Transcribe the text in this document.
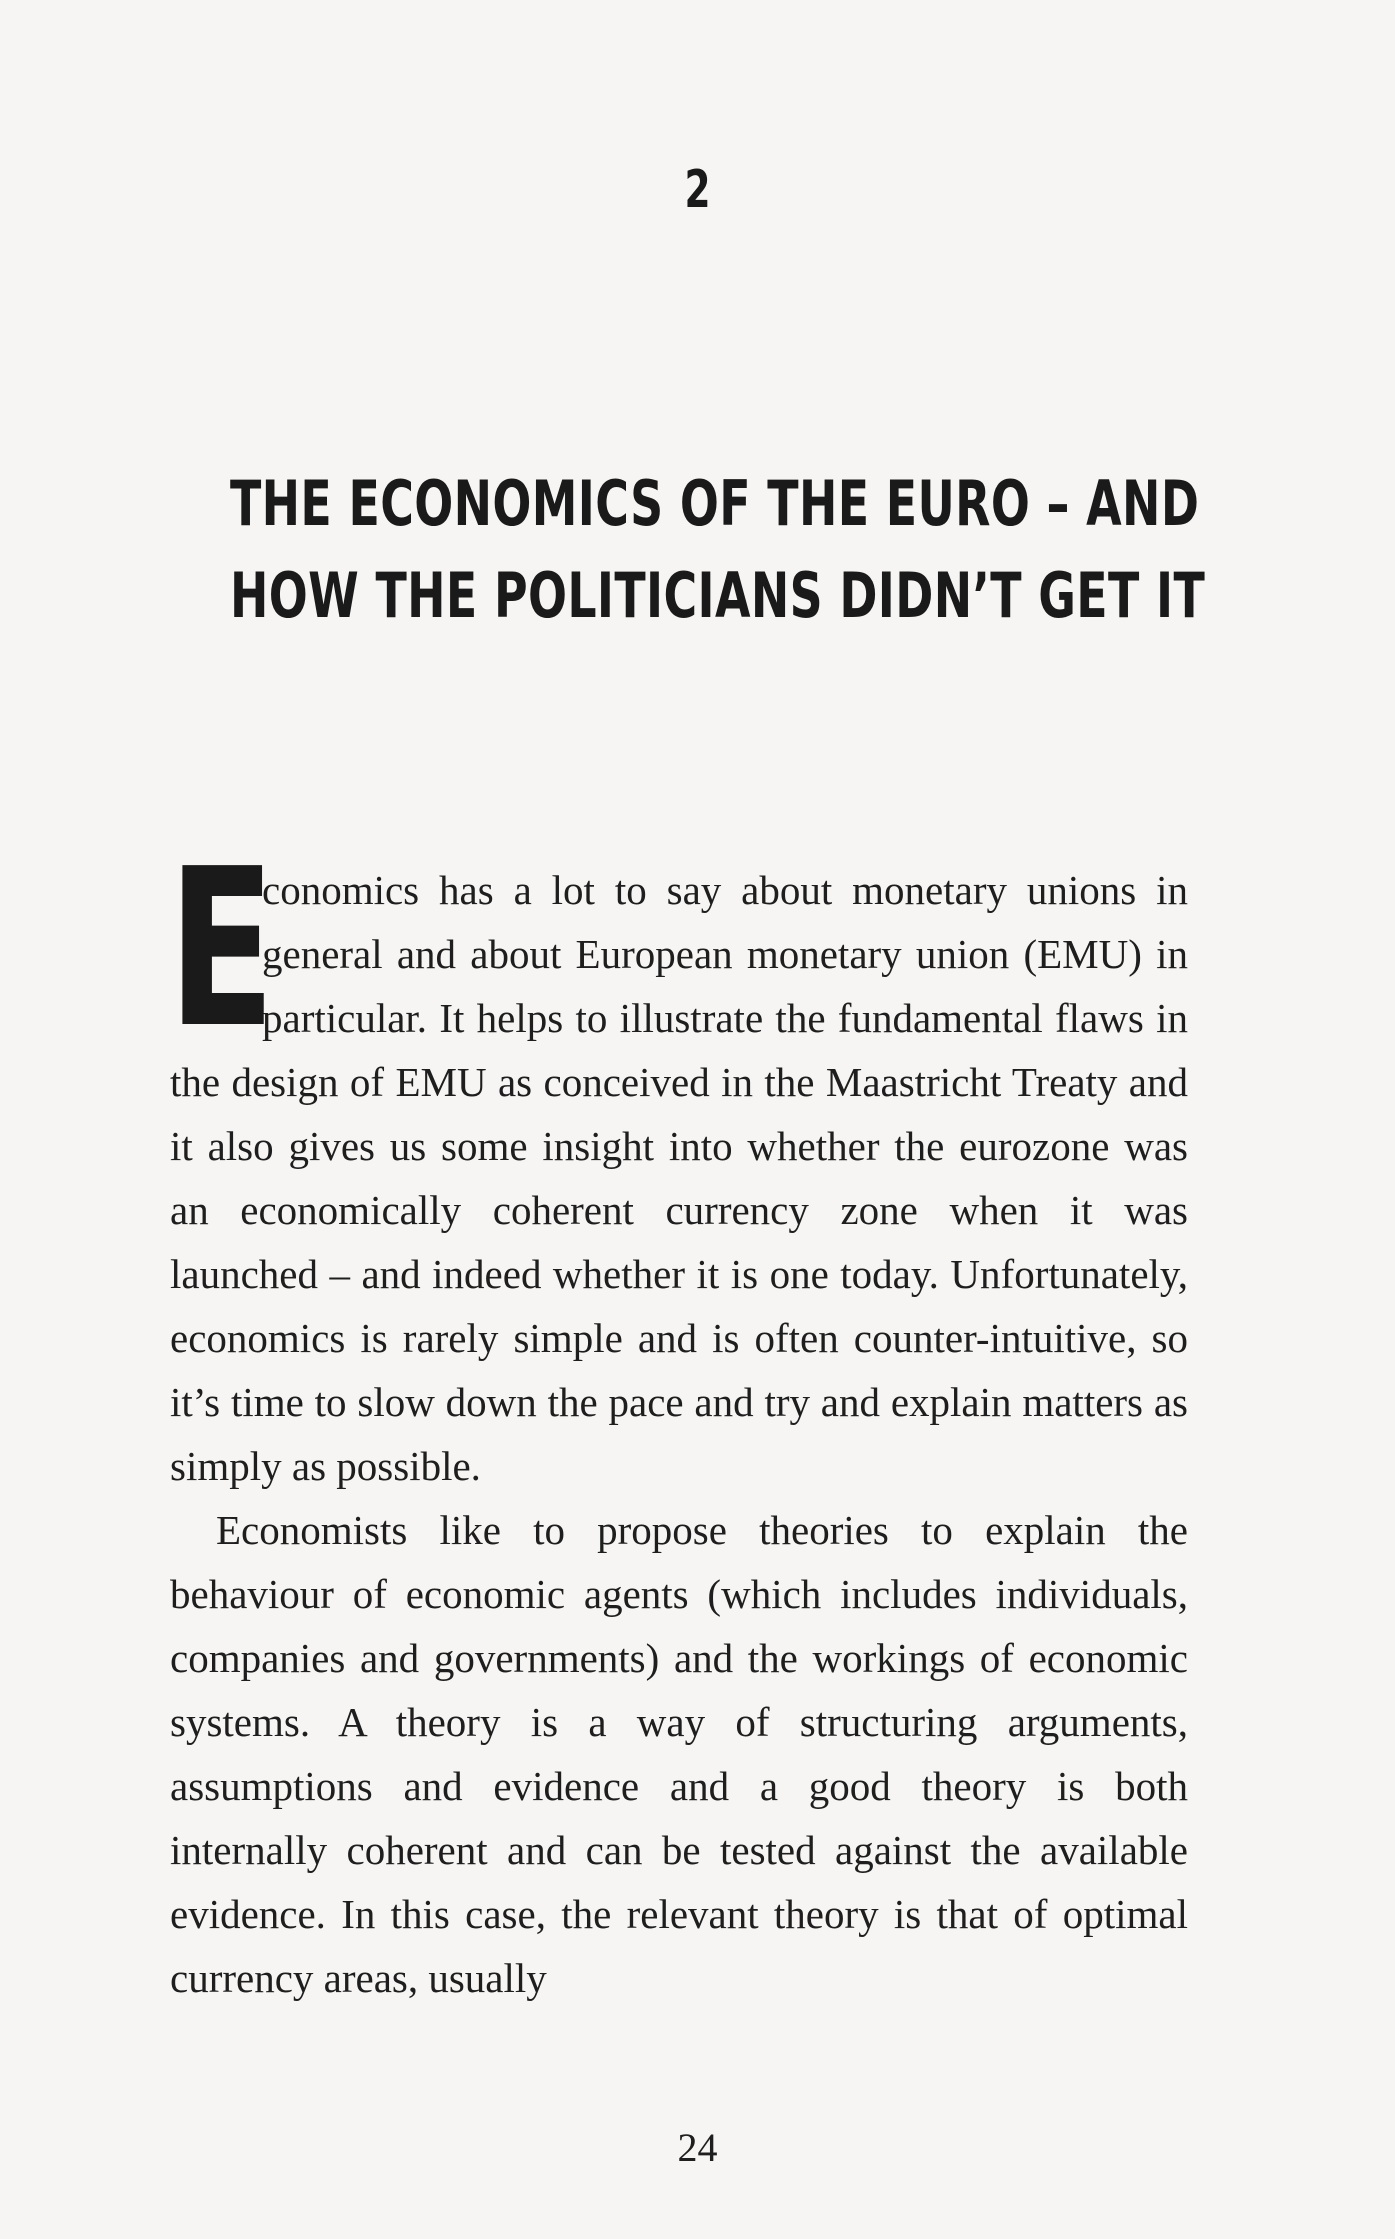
2
THE ECONOMICS OF THE EURO – AND
HOW THE POLITICIANS DIDN’T GET IT

E
conomics has a lot to say about monetary unions in general and about European monetary union (EMU) in particular. It helps to illustrate the fundamental flaws in the design of EMU as conceived in the Maastricht Treaty and it also gives us some insight into whether the eurozone was an economically coherent currency zone when it was launched – and indeed whether it is one today. Unfortunately, economics is rarely simple and is often counter-intuitive, so it’s time to slow down the pace and try and explain matters as simply as possible.

Economists like to propose theories to explain the behaviour of economic agents (which includes individuals, companies and governments) and the workings of economic systems. A theory is a way of structuring arguments, assumptions and evidence and a good theory is both internally coherent and can be tested against the available evidence. In this case, the relevant theory is that of optimal currency areas, usually

24
